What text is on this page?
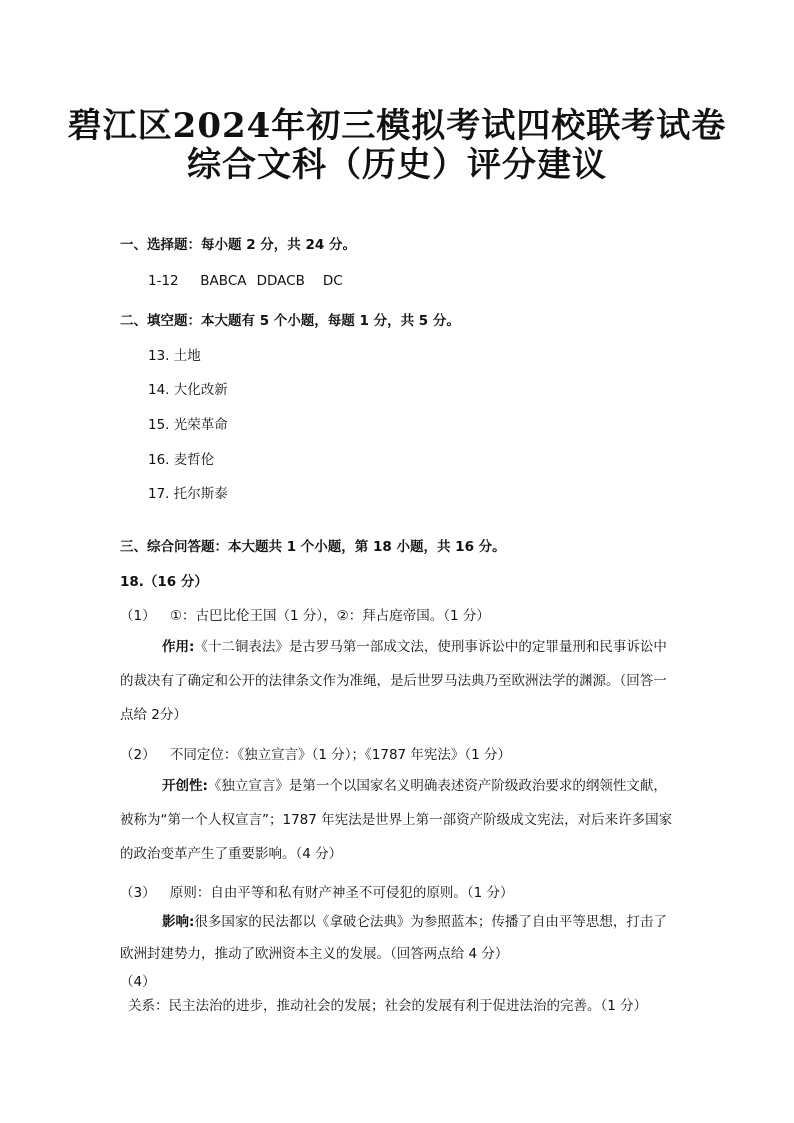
碧江区2024年初三模拟考试四校联考试卷
综合文科（历史）评分建议
一、选择题：每小题 2 分，共 24 分。
1-12 BABCA DDACB DC
二、填空题：本大题有 5 个小题，每题 1 分，共 5 分。
13. 土地
14. 大化改新
15. 光荣革命
16. 麦哲伦
17. 托尔斯泰
三、综合问答题：本大题共 1 个小题，第 18 小题，共 16 分。
18.（16 分）
（1） ①：古巴比伦王国（1 分），②：拜占庭帝国。（1 分）

作用:《十二铜表法》是古罗马第一部成文法，使刑事诉讼中的定罪量刑和民事诉讼中的裁决有了确定和公开的法律条文作为准绳，是后世罗马法典乃至欧洲法学的渊源。（回答一点给 2分）

（2） 不同定位：《独立宣言》（1 分）；《1787 年宪法》（1 分）

开创性:《独立宣言》是第一个以国家名义明确表述资产阶级政治要求的纲领性文献，被称为“第一个人权宣言”；1787 年宪法是世界上第一部资产阶级成文宪法，对后来许多国家的政治变革产生了重要影响。（4 分）

（3） 原则：自由平等和私有财产神圣不可侵犯的原则。（1 分）

影响:很多国家的民法都以《拿破仑法典》为参照蓝本；传播了自由平等思想，打击了欧洲封建势力，推动了欧洲资本主义的发展。（回答两点给 4 分）

（4）关系：民主法治的进步，推动社会的发展；社会的发展有利于促进法治的完善。（1 分）
